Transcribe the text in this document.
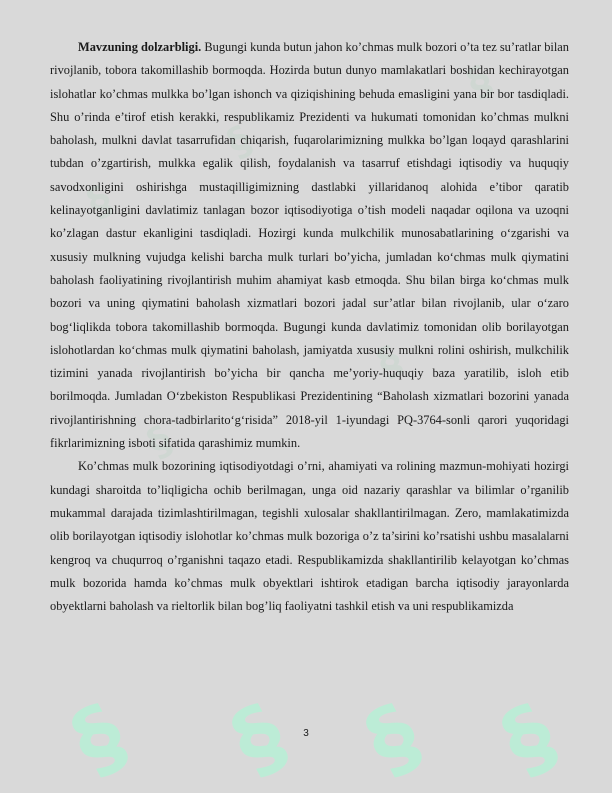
§ § § §
§
§
§
§
§

Mavzuning dolzarbligi. Bugungi kunda butun jahon ko’chmas mulk bozori o’ta tez su’ratlar bilan rivojlanib, tobora takomillashib bormoqda. Hozirda butun dunyo mamlakatlari boshidan kechirayotgan islohatlar ko’chmas mulkka bo’lgan ishonch va qiziqishining behuda emasligini yana bir bor tasdiqladi. Shu o’rinda e’tirof etish kerakki, respublikamiz Prezidenti va hukumati tomonidan ko’chmas mulkni baholash, mulkni davlat tasarrufidan chiqarish, fuqarolarimizning mulkka bo’lgan loqayd qarashlarini tubdan o’zgartirish, mulkka egalik qilish, foydalanish va tasarruf etishdagi iqtisodiy va huquqiy savodxonligini oshirishga mustaqilligimizning dastlabki yillaridanoq alohida e’tibor qaratib kelinayotganligini davlatimiz tanlagan bozor iqtisodiyotiga o’tish modeli naqadar oqilona va uzoqni ko’zlagan dastur ekanligini tasdiqladi. Hozirgi kunda mulkchilik munosabatlarining o‘zgarishi va xususiy mulkning vujudga kelishi barcha mulk turlari bo’yicha, jumladan ko‘chmas mulk qiymatini baholash faoliyatining rivojlantirish muhim ahamiyat kasb etmoqda. Shu bilan birga ko‘chmas mulk bozori va uning qiymatini baholash xizmatlari bozori jadal sur’atlar bilan rivojlanib, ular o‘zaro bog‘liqlikda tobora takomillashib bormoqda. Bugungi kunda davlatimiz tomonidan olib borilayotgan islohotlardan ko‘chmas mulk qiymatini baholash, jamiyatda xususiy mulkni rolini oshirish, mulkchilik tizimini yanada rivojlantirish bo’yicha bir qancha me’yoriy-huquqiy baza yaratilib, isloh etib borilmoqda. Jumladan O‘zbekiston Respublikasi Prezidentining “Baholash xizmatlari bozorini yanada rivojlantirishning chora-tadbirlarito‘g‘risida” 2018-yil 1-iyundagi PQ-3764-sonli qarori yuqoridagi fikrlarimizning isboti sifatida qarashimiz mumkin.

Ko’chmas mulk bozorining iqtisodiyotdagi o’rni, ahamiyati va rolining mazmun-mohiyati hozirgi kundagi sharoitda to’liqligicha ochib berilmagan, unga oid nazariy qarashlar va bilimlar o’rganilib mukammal darajada tizimlashtirilmagan, tegishli xulosalar shakllantirilmagan. Zero, mamlakatimizda olib borilayotgan iqtisodiy islohotlar ko’chmas mulk bozoriga o’z ta’sirini ko’rsatishi ushbu masalalarni kengroq va chuqurroq o’rganishni taqazo etadi. Respublikamizda shakllantirilib kelayotgan ko’chmas mulk bozorida hamda ko’chmas mulk obyektlari ishtirok etadigan barcha iqtisodiy jarayonlarda obyektlarni baholash va rieltorlik bilan bog’liq faoliyatni tashkil etish va uni respublikamizda

3
